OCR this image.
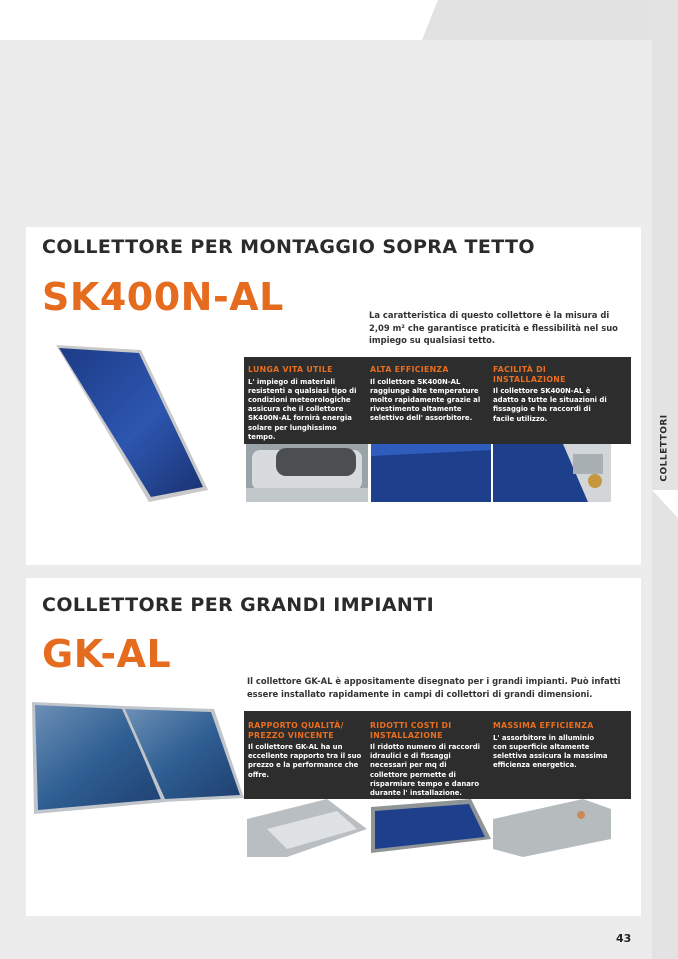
COLLETTORI
COLLETTORE PER MONTAGGIO SOPRA TETTO
SK400N-AL	La caratteristica di questo collettore è la misura di 2,09 m² che garantisce praticità e flessibilità nel suo impiego su qualsiasi tetto.
LUNGA VITA UTILE
L' impiego di materiali resistenti a qualsiasi tipo di condizioni meteorologiche assicura che il collettore SK400N-AL fornirà energia solare per lunghissimo tempo.
ALTA EFFICIENZA
Il collettore SK400N-AL raggiunge alte temperature molto rapidamente grazie al rivestimento altamente selettivo dell' assorbitore.
FACILITÀ DI INSTALLAZIONE
Il collettore SK400N-AL è adatto a tutte le situazioni di fissaggio e ha raccordi di facile utilizzo.
COLLETTORE PER GRANDI IMPIANTI
GK-AL
Il collettore GK-AL è appositamente disegnato per i grandi impianti. Può infatti essere installato rapidamente in campi di collettori di grandi dimensioni.
RAPPORTO QUALITÀ/ PREZZO VINCENTE
Il collettore GK-AL ha un eccellente rapporto tra il suo prezzo e la performance che offre.
RIDOTTI COSTI DI INSTALLAZIONE
Il ridotto numero di raccordi idraulici e di fissaggi necessari per mq di collettore permette di risparmiare tempo e danaro durante l' installazione.
MASSIMA EFFICIENZA
L' assorbitore in alluminio con superficie altamente selettiva assicura la massima efficienza energetica.
43
